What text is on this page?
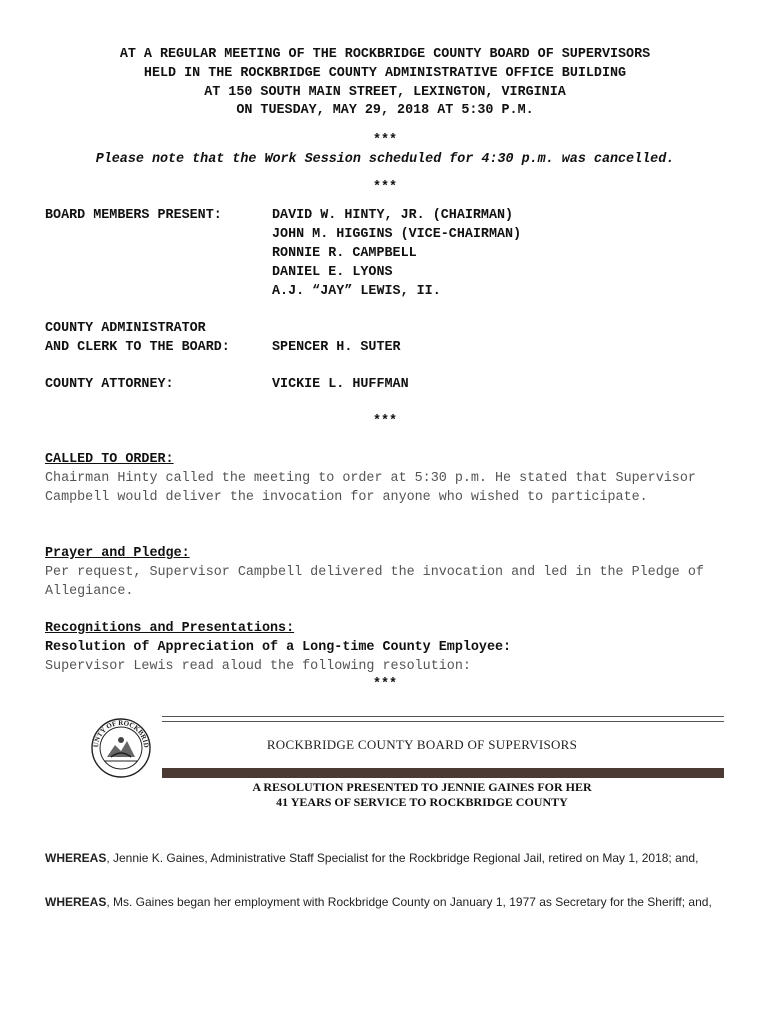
AT A REGULAR MEETING OF THE ROCKBRIDGE COUNTY BOARD OF SUPERVISORS
HELD IN THE ROCKBRIDGE COUNTY ADMINISTRATIVE OFFICE BUILDING
AT 150 SOUTH MAIN STREET, LEXINGTON, VIRGINIA
ON TUESDAY, MAY 29, 2018 AT 5:30 P.M.
***
Please note that the Work Session scheduled for 4:30 p.m. was cancelled.
***
BOARD MEMBERS PRESENT:	DAVID W. HINTY, JR. (CHAIRMAN)
JOHN M. HIGGINS (VICE-CHAIRMAN)
RONNIE R. CAMPBELL
DANIEL E. LYONS
A.J. “JAY” LEWIS, II.
COUNTY ADMINISTRATOR
AND CLERK TO THE BOARD:	SPENCER H. SUTER
COUNTY ATTORNEY:	VICKIE L. HUFFMAN
***
CALLED TO ORDER:
Chairman Hinty called the meeting to order at 5:30 p.m. He stated that Supervisor Campbell would deliver the invocation for anyone who wished to participate.
Prayer and Pledge:
Per request, Supervisor Campbell delivered the invocation and led in the Pledge of Allegiance.
Recognitions and Presentations:
Resolution of Appreciation of a Long-time County Employee:
Supervisor Lewis read aloud the following resolution:
***
UNTY OF ROCKBRID	ROCKBRIDGE COUNTY BOARD OF SUPERVISORS
A RESOLUTION PRESENTED TO JENNIE GAINES FOR HER
41 YEARS OF SERVICE TO ROCKBRIDGE COUNTY
WHEREAS, Jennie K. Gaines, Administrative Staff Specialist for the Rockbridge Regional Jail, retired on May 1, 2018; and,
WHEREAS, Ms. Gaines began her employment with Rockbridge County on January 1, 1977 as Secretary for the Sheriff; and,
